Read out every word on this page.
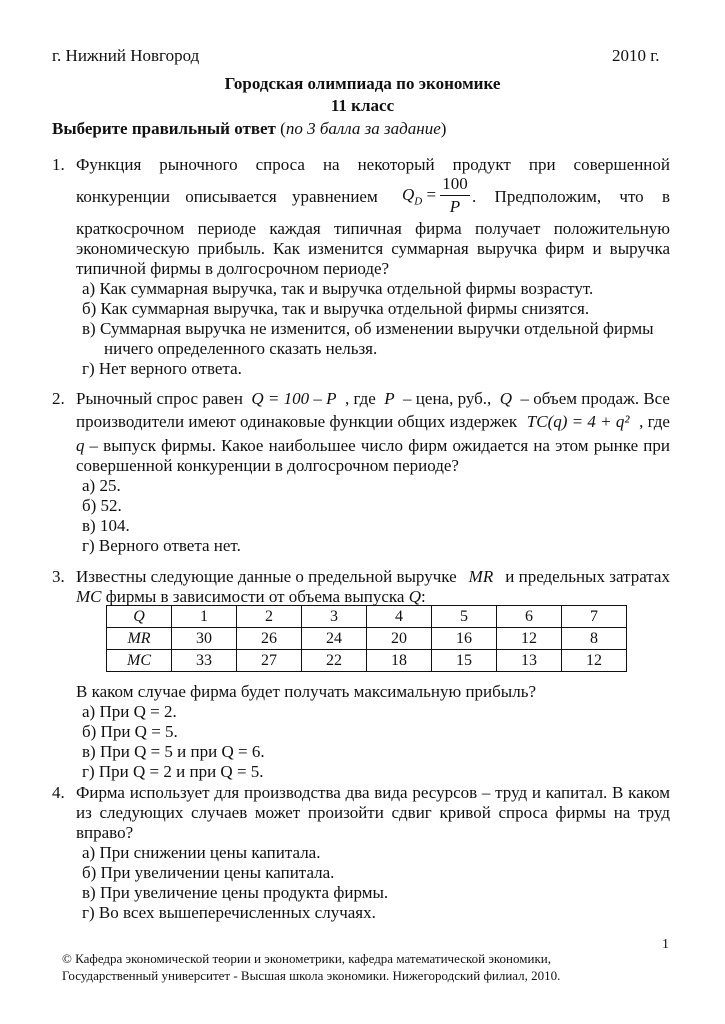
г. Нижний Новгород	2010 г.
Городская олимпиада по экономике
11 класс
Выберите правильный ответ (по 3 балла за задание)
1. Функция рыночного спроса на некоторый продукт при совершенной
конкуренции описывается уравнением $Q_D$ =
100
P
. Предположим, что в
краткосрочном периоде каждая типичная фирма получает положительную
экономическую прибыль. Как изменится суммарная выручка фирм и выручка
типичной фирмы в долгосрочном периоде?
а) Как суммарная выручка, так и выручка отдельной фирмы возрастут.
б) Как суммарная выручка, так и выручка отдельной фирмы снизятся.
в) Суммарная выручка не изменится, об изменении выручки отдельной фирмы
ничего определенного сказать нельзя.
г) Нет верного ответа.
2. Рыночный спрос равен Q = 100 – P , где P – цена, руб., Q – объем продаж. Все
производители имеют одинаковые функции общих издержек TC(q) = 4 + q² , где
q – выпуск фирмы. Какое наибольшее число фирм ожидается на этом рынке при
совершенной конкуренции в долгосрочном периоде?
а) 25.
б) 52.
в) 104.
г) Верного ответа нет.
3. Известны следующие данные о предельной выручке MR и предельных затратах
MC фирмы в зависимости от объема выпуска Q:
Q	1	2	3	4	5	6	7
MR	30	26	24	20	16	12	8
MC	33	27	22	18	15	13	12
В каком случае фирма будет получать максимальную прибыль?
а) При Q = 2.
б) При Q = 5.
в) При Q = 5 и при Q = 6.
г) При Q = 2 и при Q = 5.
4. Фирма использует для производства два вида ресурсов – труд и капитал. В каком
из следующих случаев может произойти сдвиг кривой спроса фирмы на труд
вправо?
а) При снижении цены капитала.
б) При увеличении цены капитала.
в) При увеличение цены продукта фирмы.
г) Во всех вышеперечисленных случаях.
1
© Кафедра экономической теории и эконометрики, кафедра математической экономики,
Государственный университет - Высшая школа экономики. Нижегородский филиал, 2010.
